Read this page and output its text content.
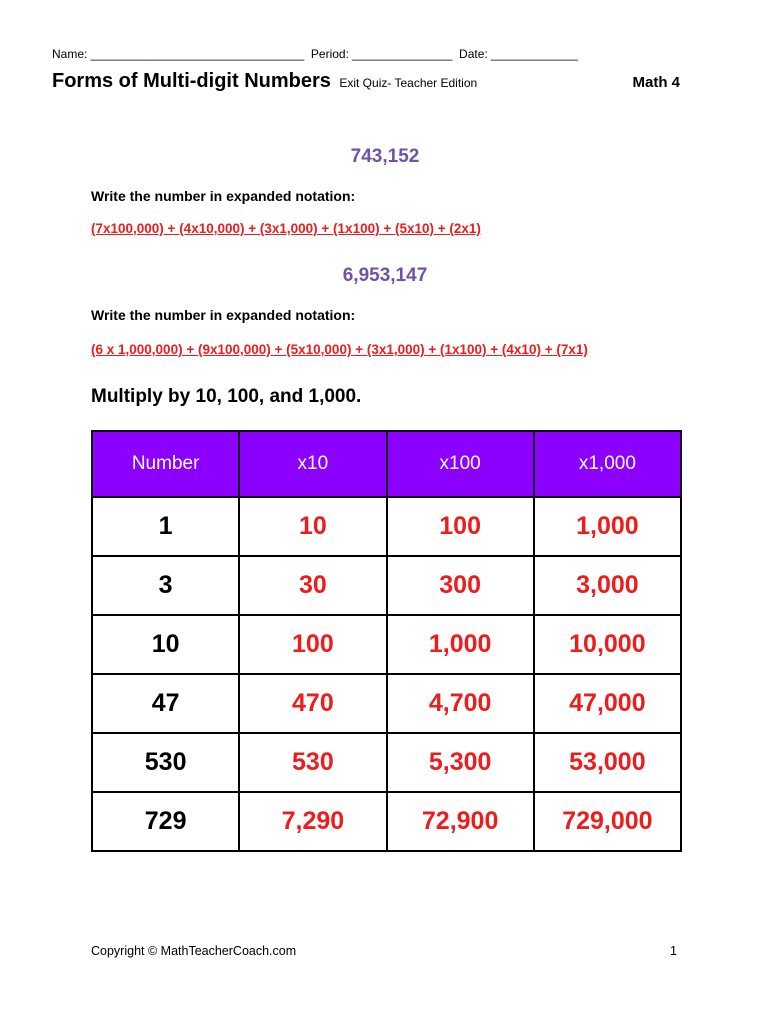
Name: ________________________________  Period: _______________  Date: _____________
Forms of Multi-digit Numbers Exit Quiz- Teacher Edition	Math 4
743,152
Write the number in expanded notation:
(7x100,000) + (4x10,000) + (3x1,000) + (1x100) + (5x10) + (2x1)
6,953,147
Write the number in expanded notation:
(6 x 1,000,000) + (9x100,000) + (5x10,000) + (3x1,000) + (1x100) + (4x10) + (7x1)
Multiply by 10, 100, and 1,000.
Number	x10	x100	x1,000
1	10	100	1,000
3	30	300	3,000
10	100	1,000	10,000
47	470	4,700	47,000
530	530	5,300	53,000
729	7,290	72,900	729,000
Copyright © MathTeacherCoach.com	1
